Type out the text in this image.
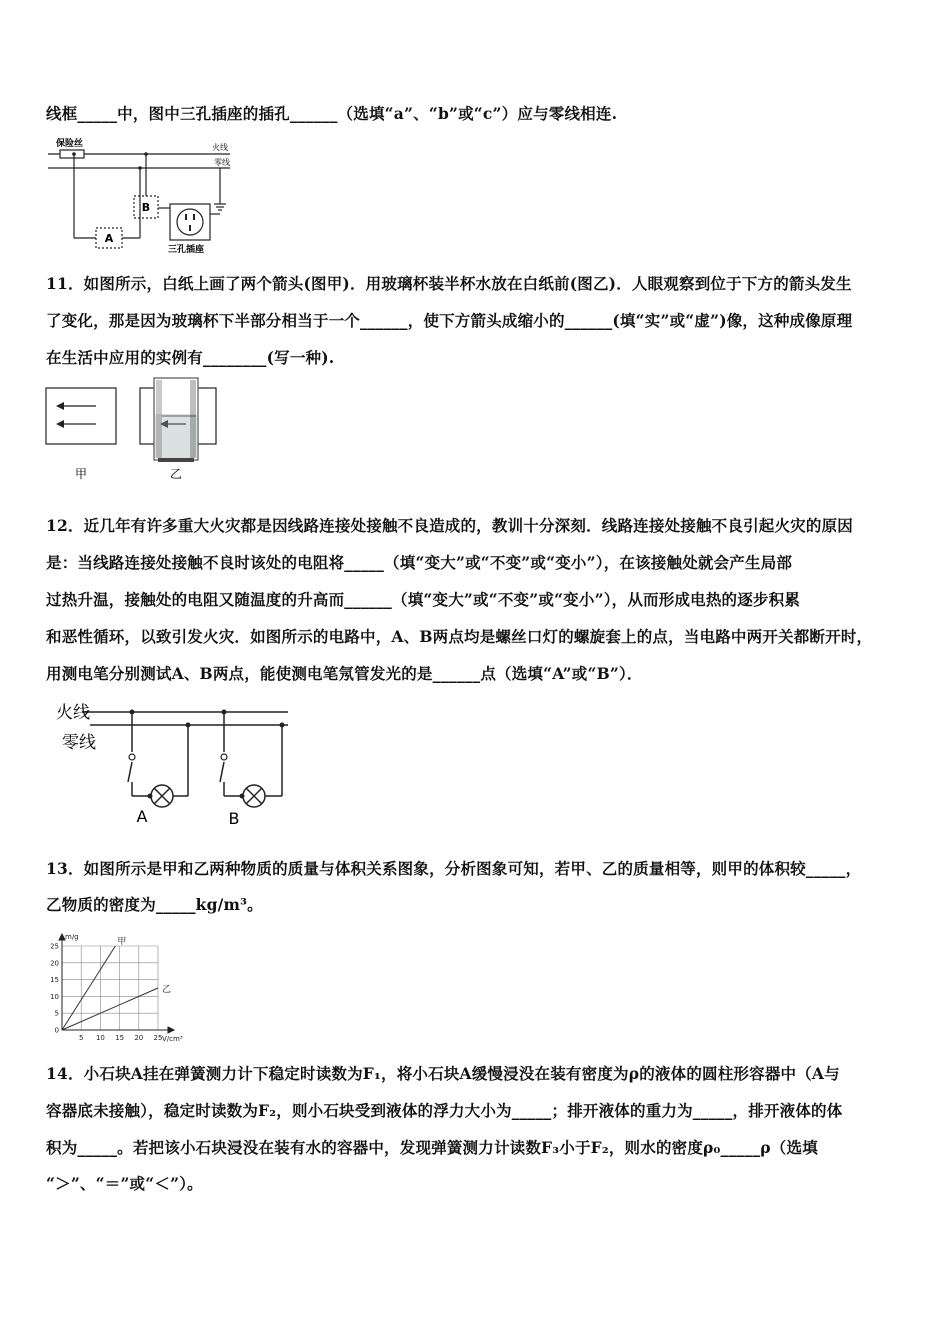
线框_____中，图中三孔插座的插孔______（选填“a”、“b”或“c”）应与零线相连.
保险丝	火线
零线
B
A
三孔插座
11．如图所示，白纸上画了两个箭头(图甲)．用玻璃杯装半杯水放在白纸前(图乙)．人眼观察到位于下方的箭头发生
了变化，那是因为玻璃杯下半部分相当于一个______，使下方箭头成缩小的______(填“实”或“虚”)像，这种成像原理
在生活中应用的实例有________(写一种).
甲	乙
12．近几年有许多重大火灾都是因线路连接处接触不良造成的，教训十分深刻．线路连接处接触不良引起火灾的原因
是：当线路连接处接触不良时该处的电阻将_____（填“变大”或“不变”或“变小”），在该接触处就会产生局部
过热升温，接触处的电阻又随温度的升高而______（填“变大”或“不变”或“变小”），从而形成电热的逐步积累
和恶性循环，以致引发火灾．如图所示的电路中，A、B两点均是螺丝口灯的螺旋套上的点，当电路中两开关都断开时，
用测电笔分别测试A、B两点，能使测电笔氖管发光的是______点（选填“A”或“B”）．
火线
零线
A	B
13．如图所示是甲和乙两种物质的质量与体积关系图象，分析图象可知，若甲、乙的质量相等，则甲的体积较_____，
乙物质的密度为_____kg/m³。
甲
乙
5 10 15 20 25
0
5
10
15
20
25
m/g
V/cm³
14．小石块A挂在弹簧测力计下稳定时读数为F₁，将小石块A缓慢浸没在装有密度为ρ的液体的圆柱形容器中（A与
容器底未接触），稳定时读数为F₂，则小石块受到液体的浮力大小为_____；排开液体的重力为_____，排开液体的体
积为_____。若把该小石块浸没在装有水的容器中，发现弹簧测力计读数F₃小于F₂，则水的密度ρ₀_____ρ（选填
“＞”、“＝”或“＜”）。
